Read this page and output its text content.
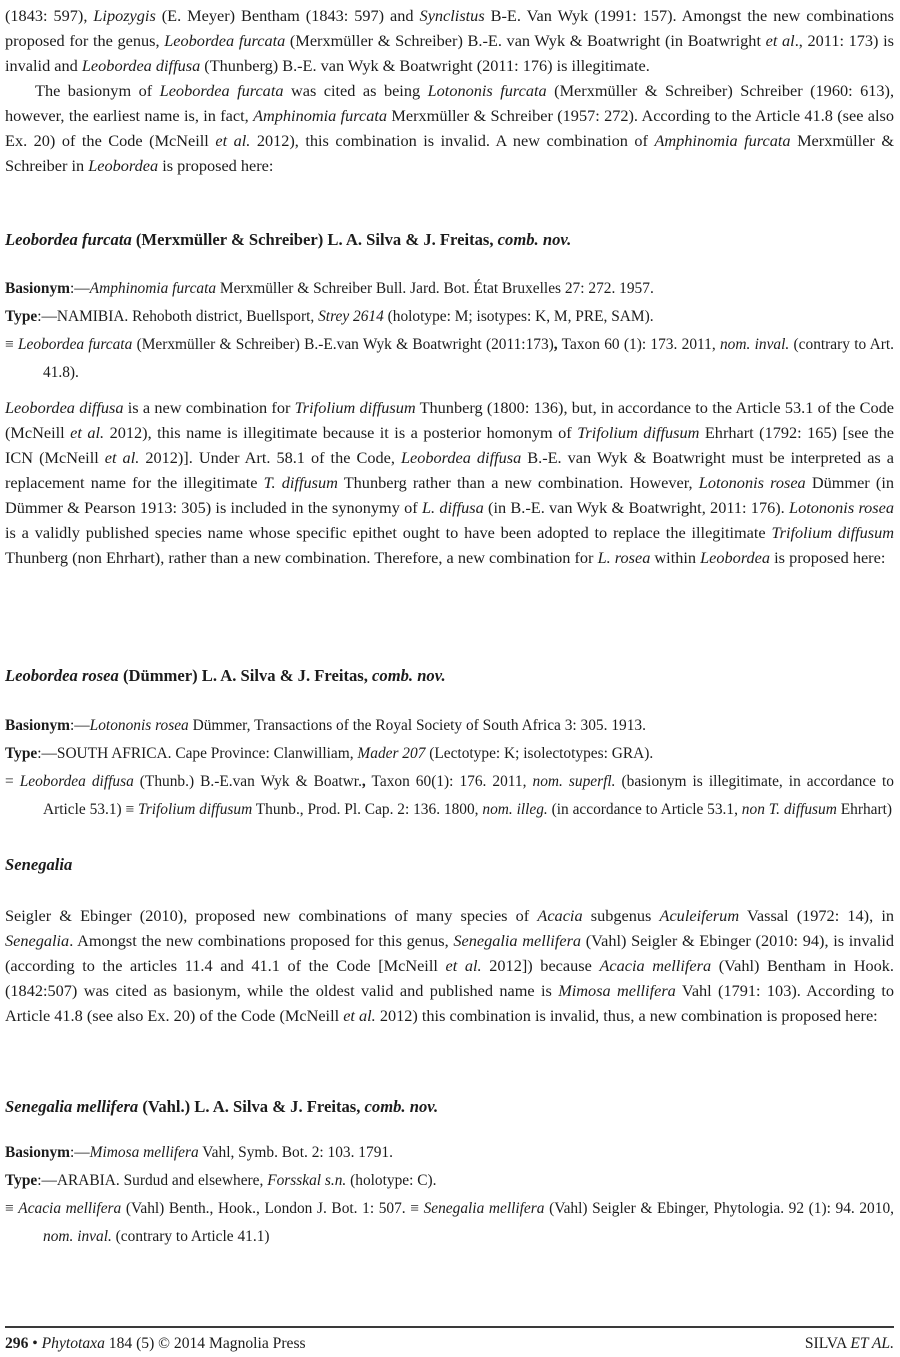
(1843: 597), Lipozygis (E. Meyer) Bentham (1843: 597) and Synclistus B-E. Van Wyk (1991: 157). Amongst the new combinations proposed for the genus, Leobordea furcata (Merxmüller & Schreiber) B.-E. van Wyk & Boatwright (in Boatwright et al., 2011: 173) is invalid and Leobordea diffusa (Thunberg) B.-E. van Wyk & Boatwright (2011: 176) is illegitimate.

The basionym of Leobordea furcata was cited as being Lotononis furcata (Merxmüller & Schreiber) Schreiber (1960: 613), however, the earliest name is, in fact, Amphinomia furcata Merxmüller & Schreiber (1957: 272). According to the Article 41.8 (see also Ex. 20) of the Code (McNeill et al. 2012), this combination is invalid. A new combination of Amphinomia furcata Merxmüller & Schreiber in Leobordea is proposed here:

Leobordea furcata (Merxmüller & Schreiber) L. A. Silva & J. Freitas, comb. nov.

Basionym:—Amphinomia furcata Merxmüller & Schreiber Bull. Jard. Bot. État Bruxelles 27: 272. 1957.

Type:—NAMIBIA. Rehoboth district, Buellsport, Strey 2614 (holotype: M; isotypes: K, M, PRE, SAM).

≡ Leobordea furcata (Merxmüller & Schreiber) B.-E.van Wyk & Boatwright (2011:173), Taxon 60 (1): 173. 2011, nom. inval. (contrary to Art. 41.8).

Leobordea diffusa is a new combination for Trifolium diffusum Thunberg (1800: 136), but, in accordance to the Article 53.1 of the Code (McNeill et al. 2012), this name is illegitimate because it is a posterior homonym of Trifolium diffusum Ehrhart (1792: 165) [see the ICN (McNeill et al. 2012)]. Under Art. 58.1 of the Code, Leobordea diffusa B.-E. van Wyk & Boatwright must be interpreted as a replacement name for the illegitimate T. diffusum Thunberg rather than a new combination. However, Lotononis rosea Dümmer (in Dümmer & Pearson 1913: 305) is included in the synonymy of L. diffusa (in B.-E. van Wyk & Boatwright, 2011: 176). Lotononis rosea is a validly published species name whose specific epithet ought to have been adopted to replace the illegitimate Trifolium diffusum Thunberg (non Ehrhart), rather than a new combination. Therefore, a new combination for L. rosea within Leobordea is proposed here:

Leobordea rosea (Dümmer) L. A. Silva & J. Freitas, comb. nov.

Basionym:—Lotononis rosea Dümmer, Transactions of the Royal Society of South Africa 3: 305. 1913.

Type:—SOUTH AFRICA. Cape Province: Clanwilliam, Mader 207 (Lectotype: K; isolectotypes: GRA).

= Leobordea diffusa (Thunb.) B.-E.van Wyk & Boatwr., Taxon 60(1): 176. 2011, nom. superfl. (basionym is illegitimate, in accordance to Article 53.1) ≡ Trifolium diffusum Thunb., Prod. Pl. Cap. 2: 136. 1800, nom. illeg. (in accordance to Article 53.1, non T. diffusum Ehrhart)

Senegalia

Seigler & Ebinger (2010), proposed new combinations of many species of Acacia subgenus Aculeiferum Vassal (1972: 14), in Senegalia. Amongst the new combinations proposed for this genus, Senegalia mellifera (Vahl) Seigler & Ebinger (2010: 94), is invalid (according to the articles 11.4 and 41.1 of the Code [McNeill et al. 2012]) because Acacia mellifera (Vahl) Bentham in Hook. (1842:507) was cited as basionym, while the oldest valid and published name is Mimosa mellifera Vahl (1791: 103). According to Article 41.8 (see also Ex. 20) of the Code (McNeill et al. 2012) this combination is invalid, thus, a new combination is proposed here:

Senegalia mellifera (Vahl.) L. A. Silva & J. Freitas, comb. nov.

Basionym:—Mimosa mellifera Vahl, Symb. Bot. 2: 103. 1791.

Type:—ARABIA. Surdud and elsewhere, Forsskal s.n. (holotype: C).

≡ Acacia mellifera (Vahl) Benth., Hook., London J. Bot. 1: 507. ≡ Senegalia mellifera (Vahl) Seigler & Ebinger, Phytologia. 92 (1): 94. 2010, nom. inval. (contrary to Article 41.1)

296 • Phytotaxa 184 (5) © 2014 Magnolia Press	SILVA ET AL.
